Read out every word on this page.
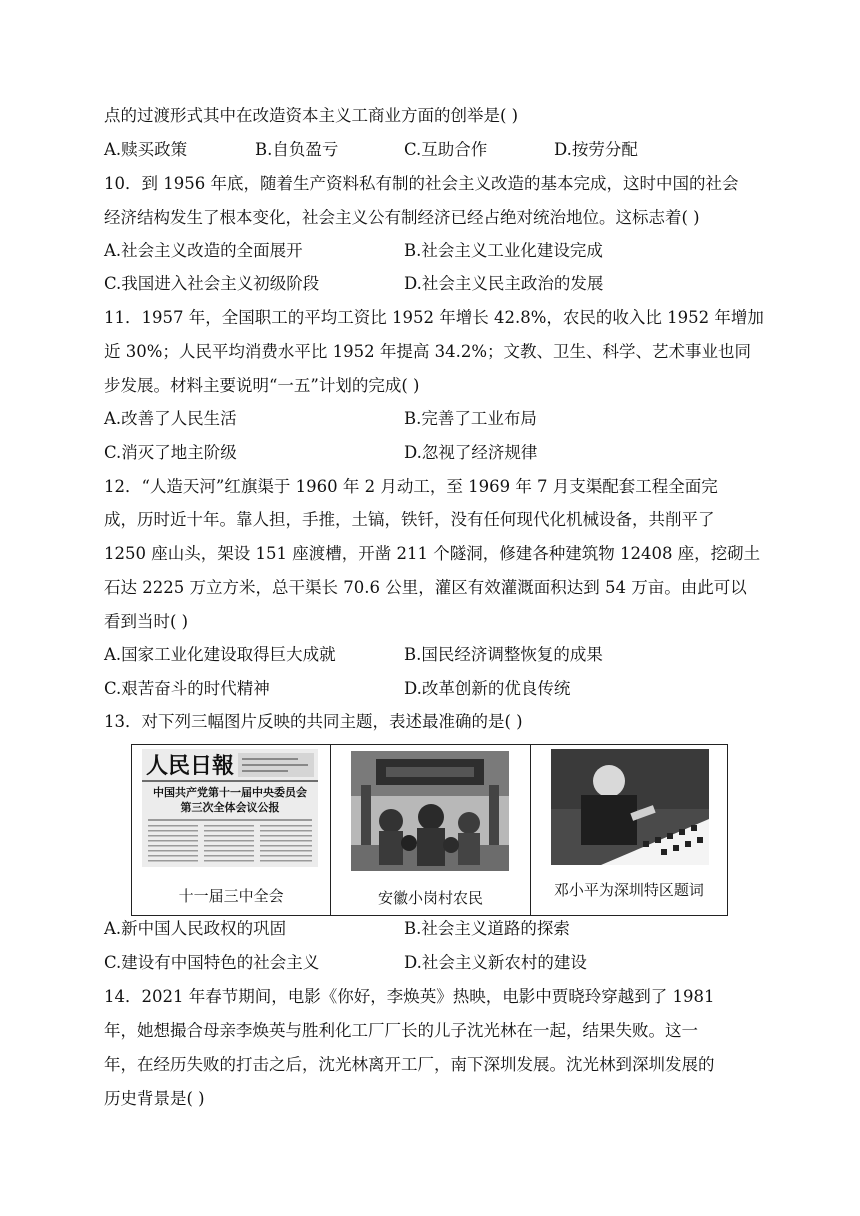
点的过渡形式其中在改造资本主义工商业方面的创举是( )
A.赎买政策	B.自负盈亏	C.互助合作	D.按劳分配
10．到 1956 年底，随着生产资料私有制的社会主义改造的基本完成，这时中国的社会
经济结构发生了根本变化，社会主义公有制经济已经占绝对统治地位。这标志着( )
A.社会主义改造的全面展开	B.社会主义工业化建设完成
C.我国进入社会主义初级阶段	D.社会主义民主政治的发展
11．1957 年，全国职工的平均工资比 1952 年增长 42.8%，农民的收入比 1952 年增加
近 30%；人民平均消费水平比 1952 年提高 34.2%；文教、卫生、科学、艺术事业也同
步发展。材料主要说明“一五”计划的完成( )
A.改善了人民生活	B.完善了工业布局
C.消灭了地主阶级	D.忽视了经济规律
12．“人造天河”红旗渠于 1960 年 2 月动工，至 1969 年 7 月支渠配套工程全面完
成，历时近十年。靠人担，手推，土镐，铁钎，没有任何现代化机械设备，共削平了
1250 座山头，架设 151 座渡槽，开凿 211 个隧洞，修建各种建筑物 12408 座，挖砌土
石达 2225 万立方米，总干渠长 70.6 公里，灌区有效灌溉面积达到 54 万亩。由此可以
看到当时( )
A.国家工业化建设取得巨大成就	B.国民经济调整恢复的成果
C.艰苦奋斗的时代精神	D.改革创新的优良传统
13．对下列三幅图片反映的共同主题，表述最准确的是( )
人民日報
中国共产党第十一届中央委员会
第三次全体会议公报
十一届三中全会	安徽小岗村农民	邓小平为深圳特区题词
A.新中国人民政权的巩固	B.社会主义道路的探索
C.建设有中国特色的社会主义	D.社会主义新农村的建设
14．2021 年春节期间，电影《你好，李焕英》热映，电影中贾晓玲穿越到了 1981
年，她想撮合母亲李焕英与胜利化工厂厂长的儿子沈光林在一起，结果失败。这一
年，在经历失败的打击之后，沈光林离开工厂，南下深圳发展。沈光林到深圳发展的
历史背景是( )
